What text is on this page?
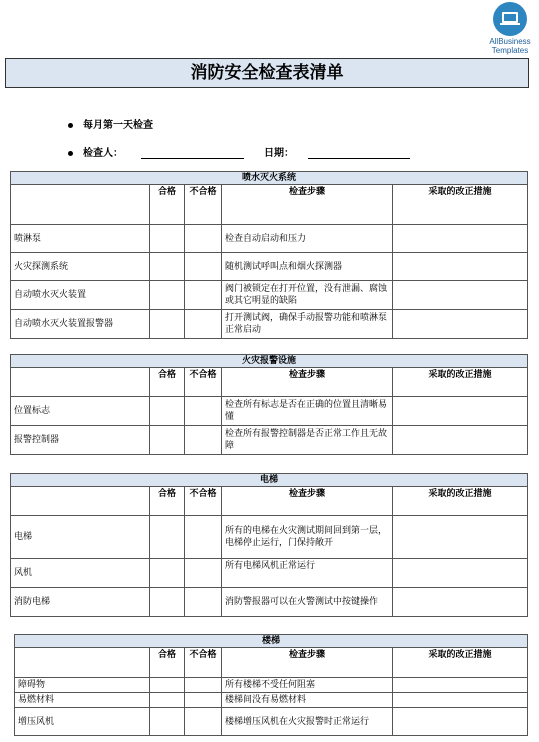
AllBusiness
Templates
消防安全检查表清单
每月第一天检查
检查人：	日期：
喷水灭火系统				
	合格	不合格	检查步骤	采取的改正措施
喷淋泵			检查自动启动和压力	
火灾探测系统			随机测试呼叫点和烟火探测器	
自动喷水灭火装置			阀门被锁定在打开位置，没有泄漏、腐蚀或其它明显的缺陷	
自动喷水灭火装置报警器			打开测试阀，确保手动报警功能和喷淋泵正常启动	
火灾报警设施				
	合格	不合格	检查步骤	采取的改正措施
位置标志			检查所有标志是否在正确的位置且清晰易懂	
报警控制器			检查所有报警控制器是否正常工作且无故障	
电梯				
	合格	不合格	检查步骤	采取的改正措施
电梯			所有的电梯在火灾测试期间回到第一层，电梯停止运行，门保持敞开	
风机			所有电梯风机正常运行	
消防电梯			消防警报器可以在火警测试中按键操作	
楼梯				
	合格	不合格	检查步骤	采取的改正措施
障碍物			所有楼梯不受任何阻塞	
易燃材料			楼梯间没有易燃材料	
增压风机			楼梯增压风机在火灾报警时正常运行	
